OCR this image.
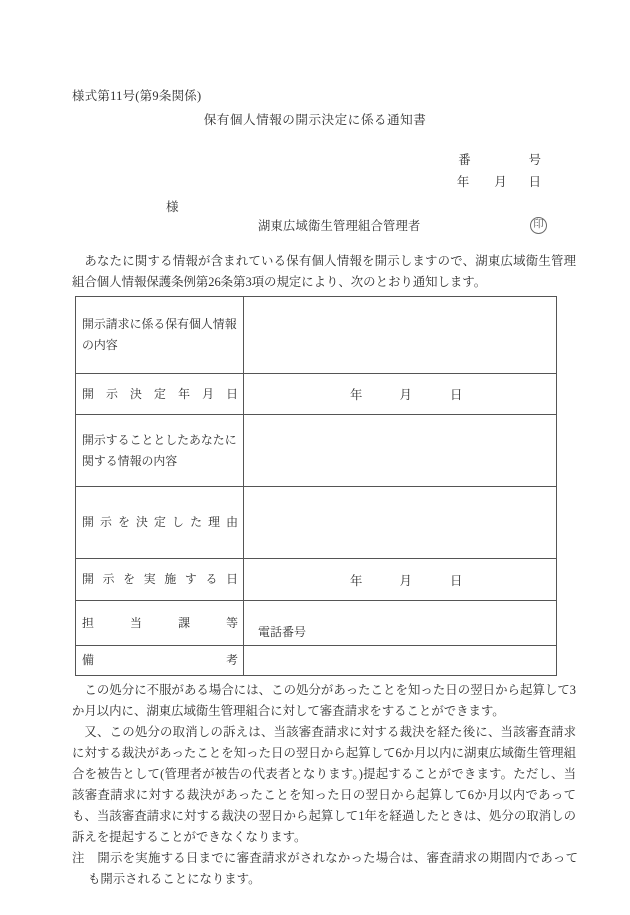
様式第11号(第9条関係)
保有個人情報の開示決定に係る通知書
番	号
年 月 日
様
湖東広域衛生管理組合管理者	印

あなたに関する情報が含まれている保有個人情報を開示しますので、湖東広域衛生管理組合個人情報保護条例第26条第3項の規定により、次のとおり通知します。

開示請求に係る保有個人情報の内容	
開示決定年月日	年 月 日
開示することとしたあなたに関する情報の内容	
開示を決定した理由	
開示を実施する日	年 月 日
担当課等	電話番号
備考	

この処分に不服がある場合には、この処分があったことを知った日の翌日から起算して3か月以内に、湖東広域衛生管理組合に対して審査請求をすることができます。

又、この処分の取消しの訴えは、当該審査請求に対する裁決を経た後に、当該審査請求に対する裁決があったことを知った日の翌日から起算して6か月以内に湖東広域衛生管理組合を被告として(管理者が被告の代表者となります。)提起することができます。ただし、当該審査請求に対する裁決があったことを知った日の翌日から起算して6か月以内であっても、当該審査請求に対する裁決の翌日から起算して1年を経過したときは、処分の取消しの訴えを提起することができなくなります。

注　開示を実施する日までに審査請求がされなかった場合は、審査請求の期間内であっても開示されることになります。
